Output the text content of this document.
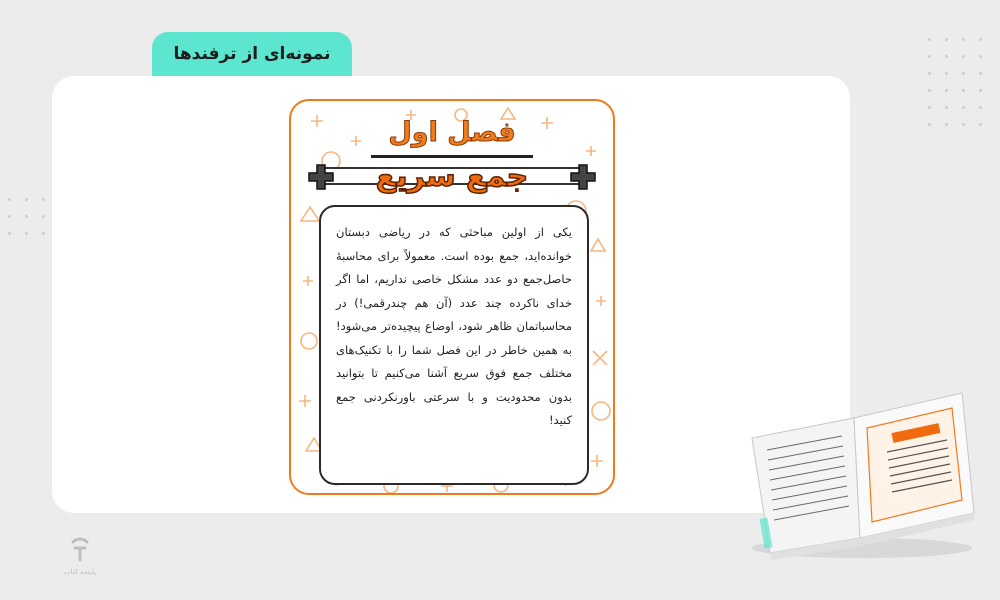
نمونه‌ای از ترفندها
فصل اول
جمع سریع

یکی از اولین مباحثی که در ریاضی دبستان خوانده‌اید، جمع بوده است. معمولاً برای محاسبهٔ حاصل‌جمع دو عدد مشکل خاصی نداریم، اما اگر خدای ناکرده چند عدد (آن هم چندرقمی!) در محاسباتمان ظاهر شود، اوضاع پیچیده‌تر می‌شود! به همین خاطر در این فصل شما را با تکنیک‌های مختلف جمع فوق سریع آشنا می‌کنیم تا بتوانید بدون محدودیت و با سرعتی باورنکردنی جمع کنید!

پاینده کتاب
